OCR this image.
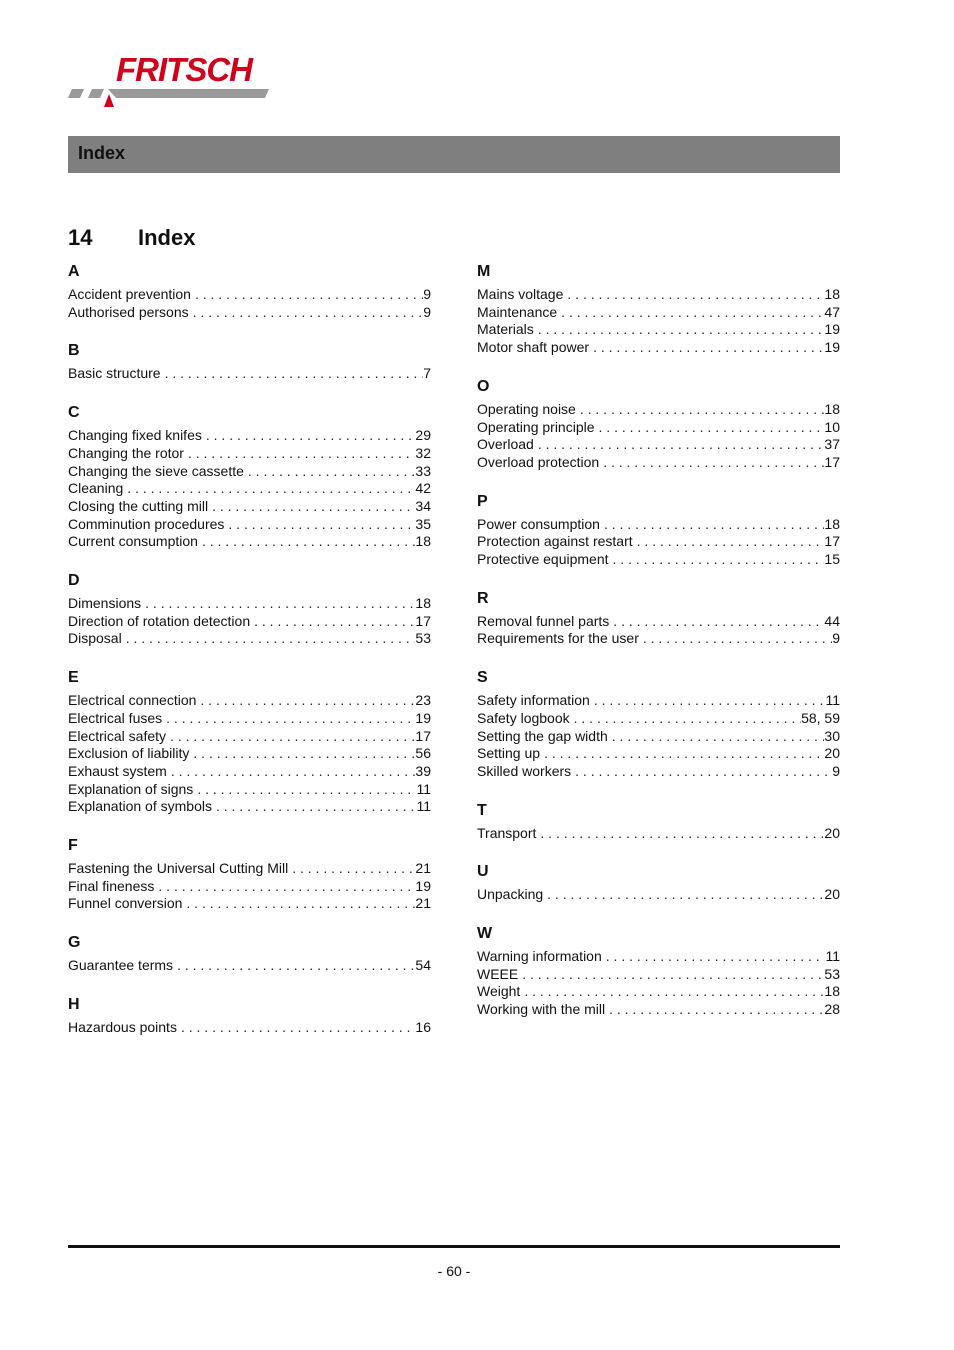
FRITSCH
Index
14 Index
A
Accident prevention . . .	9
Authorised persons . . .	9
B
Basic structure . . .	7
C
Changing fixed knifes . . .	29
Changing the rotor . . .	32
Changing the sieve cassette . . .	33
Cleaning . . .	42
Closing the cutting mill . . .	34
Comminution procedures . . .	35
Current consumption . . .	18
D
Dimensions . . .	18
Direction of rotation detection . . .	17
Disposal . . .	53
E
Electrical connection . . .	23
Electrical fuses . . .	19
Electrical safety . . .	17
Exclusion of liability . . .	56
Exhaust system . . .	39
Explanation of signs . . .	11
Explanation of symbols . . .	11
F
Fastening the Universal Cutting Mill . . .	21
Final fineness . . .	19
Funnel conversion . . .	21
G
Guarantee terms . . .	54
H
Hazardous points . . .	16
M
Mains voltage . . .	18
Maintenance . . .	47
Materials . . .	19
Motor shaft power . . .	19
O
Operating noise . . .	18
Operating principle . . .	10
Overload . . .	37
Overload protection . . .	17
P
Power consumption . . .	18
Protection against restart . . .	17
Protective equipment . . .	15
R
Removal funnel parts . . .	44
Requirements for the user . . .	9
S
Safety information . . .	11
Safety logbook . . .	58, 59
Setting the gap width . . .	30
Setting up . . .	20
Skilled workers . . .	9
T
Transport . . .	20
U
Unpacking . . .	20
W
Warning information . . .	11
WEEE . . .	53
Weight . . .	18
Working with the mill . . .	28
- 60 -
